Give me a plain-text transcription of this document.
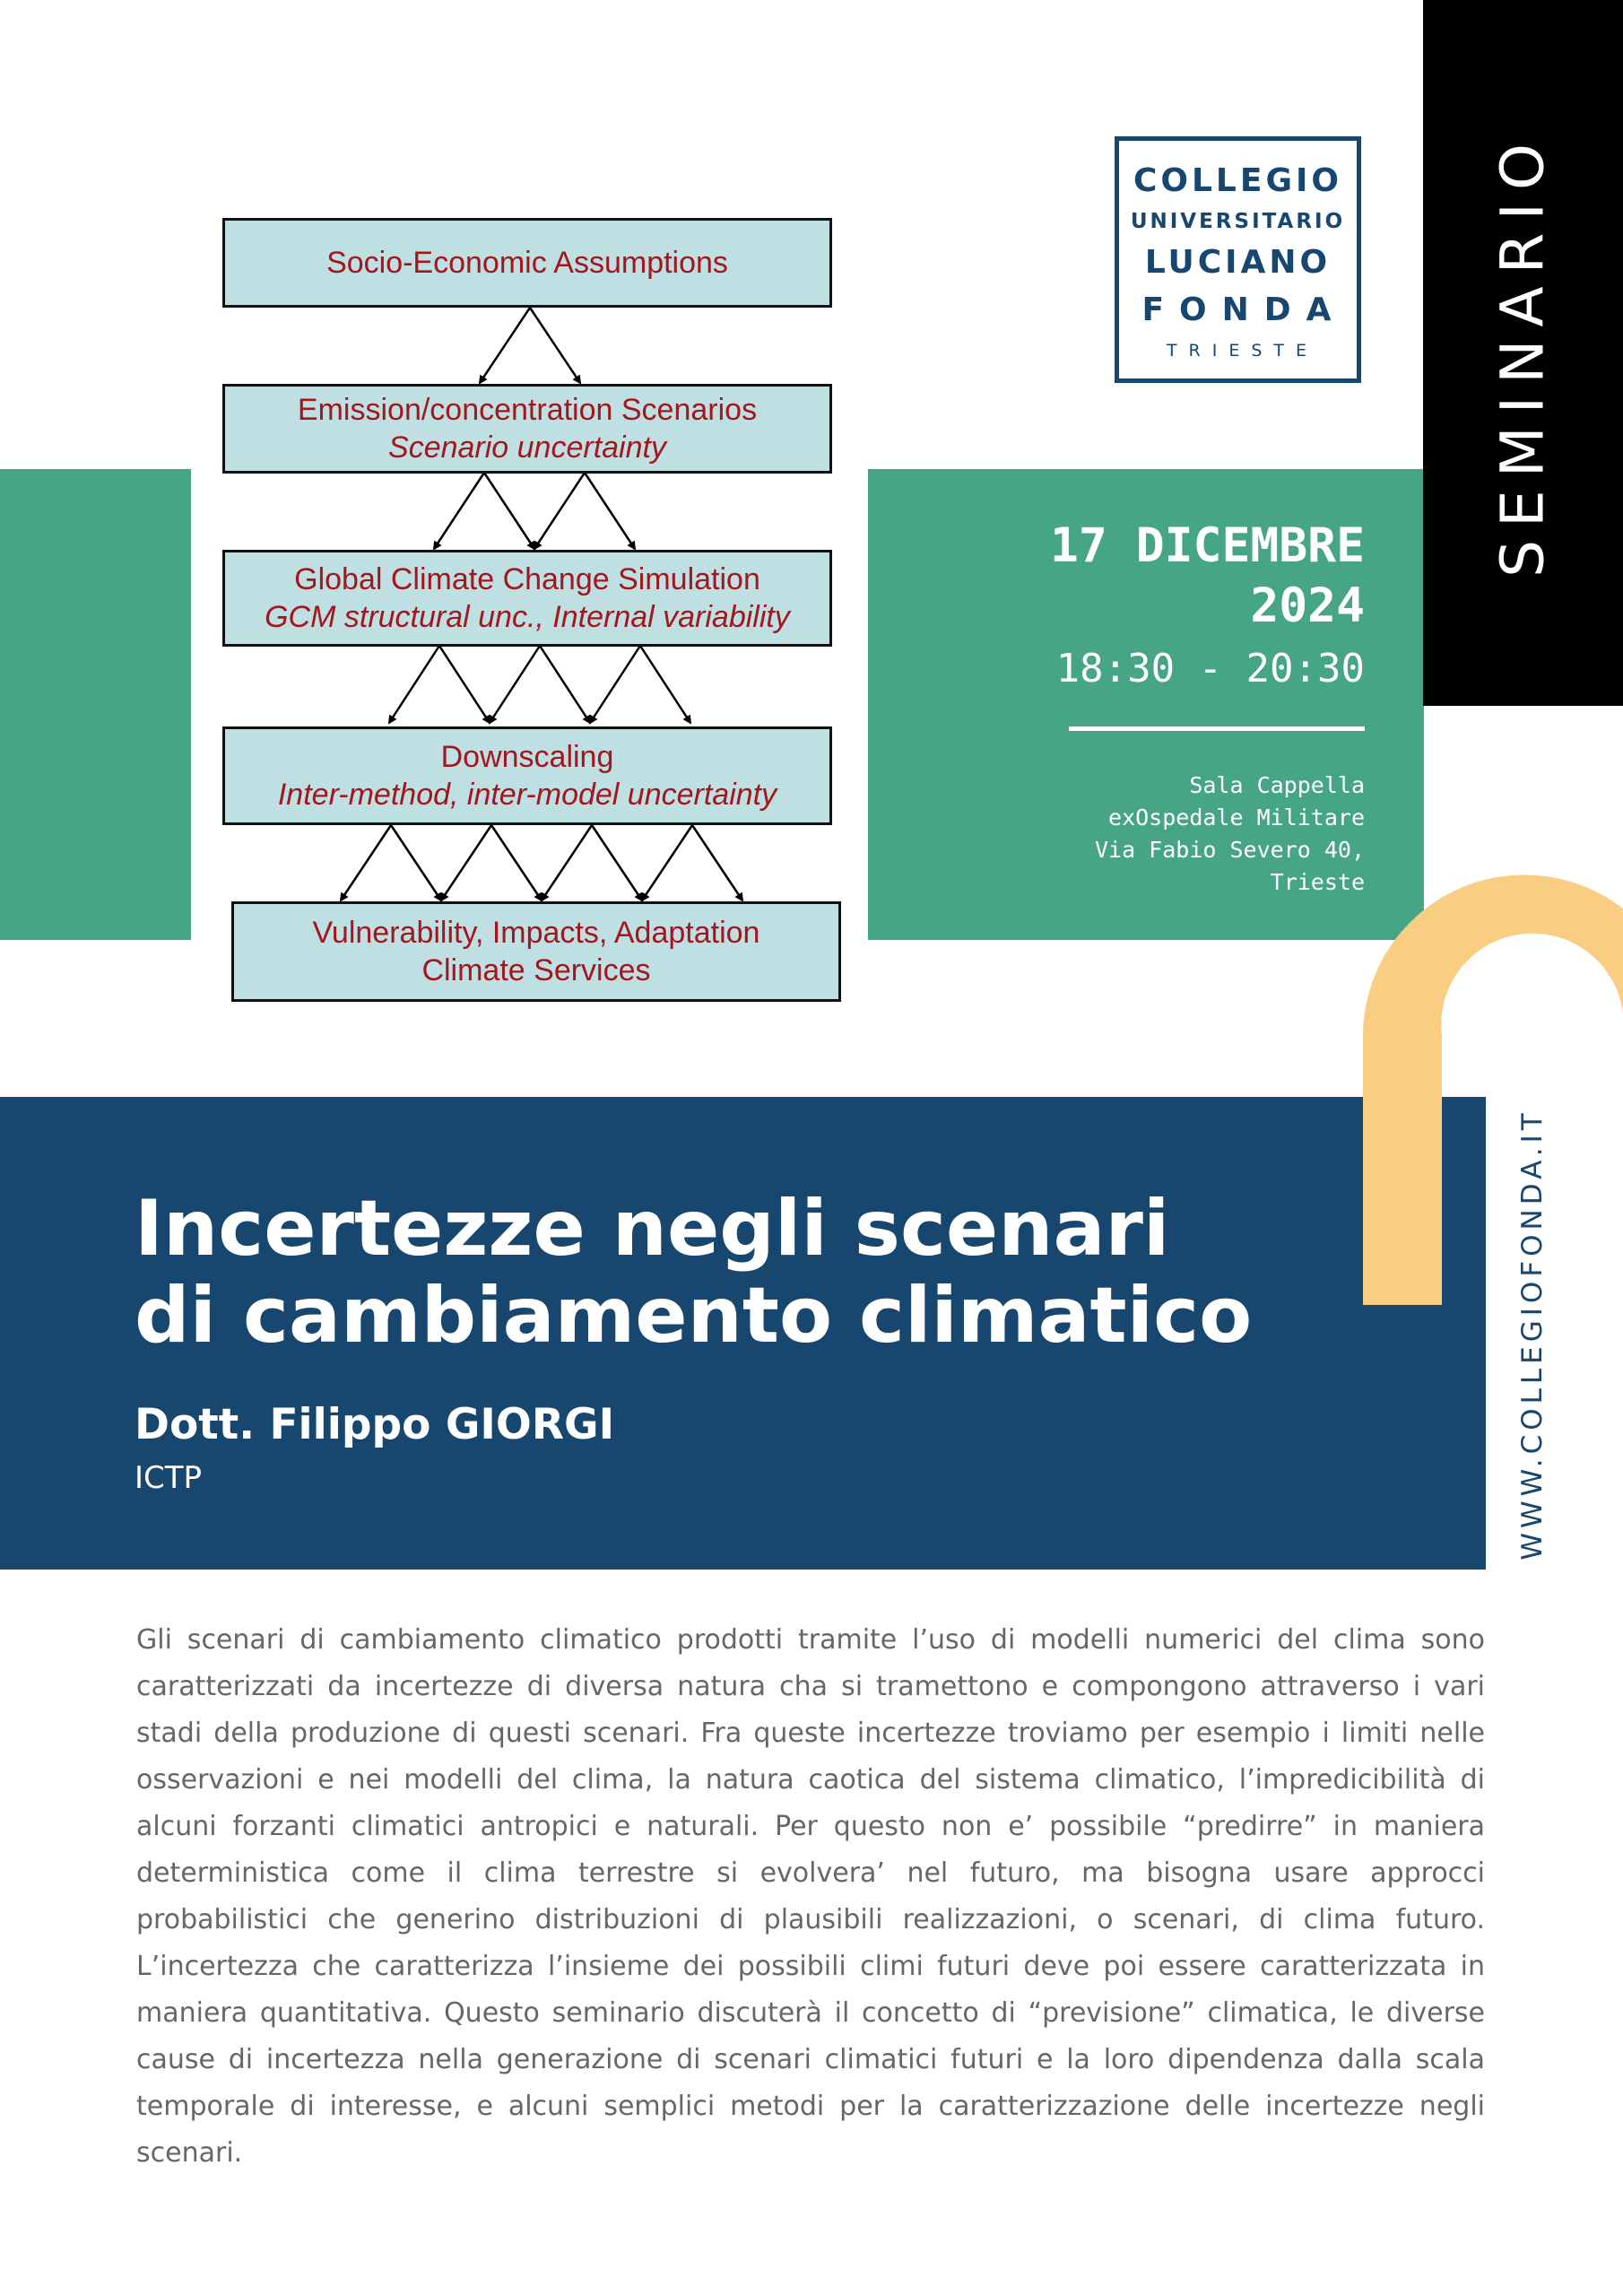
SEMINARIO
COLLEGIO
UNIVERSITARIO
LUCIANO
FONDA
TRIESTE
17 DICEMBRE
2024
18:30 - 20:30
Sala Cappella
exOspedale Militare
Via Fabio Severo 40,
Trieste
Socio-Economic Assumptions
Emission/concentration Scenarios
Scenario uncertainty
Global Climate Change Simulation
GCM structural unc., Internal variability
Downscaling
Inter-method, inter-model uncertainty
Vulnerability, Impacts, Adaptation
Climate Services
Incertezze negli scenari
di cambiamento climatico
Dott. Filippo GIORGI
ICTP	WWW.COLLEGIOFONDA.IT

Gli scenari di cambiamento climatico prodotti tramite l’uso di modelli numerici del clima sono caratterizzati da incertezze di diversa natura cha si tramettono e compongono attraverso i vari stadi della produzione di questi scenari. Fra queste incertezze troviamo per esempio i limiti nelle osservazioni e nei modelli del clima, la natura caotica del sistema climatico, l’impredicibilità di alcuni forzanti climatici antropici e naturali. Per questo non e’ possibile “predirre” in maniera deterministica come il clima terrestre si evolvera’ nel futuro, ma bisogna usare approcci probabilistici che generino distribuzioni di plausibili realizzazioni, o scenari, di clima futuro. L’incertezza che caratterizza l’insieme dei possibili climi futuri deve poi essere caratterizzata in maniera quantitativa. Questo seminario discuterà il concetto di “previsione” climatica, le diverse cause di incertezza nella generazione di scenari climatici futuri e la loro dipendenza dalla scala temporale di interesse, e alcuni semplici metodi per la caratterizzazione delle incertezze negli scenari.
